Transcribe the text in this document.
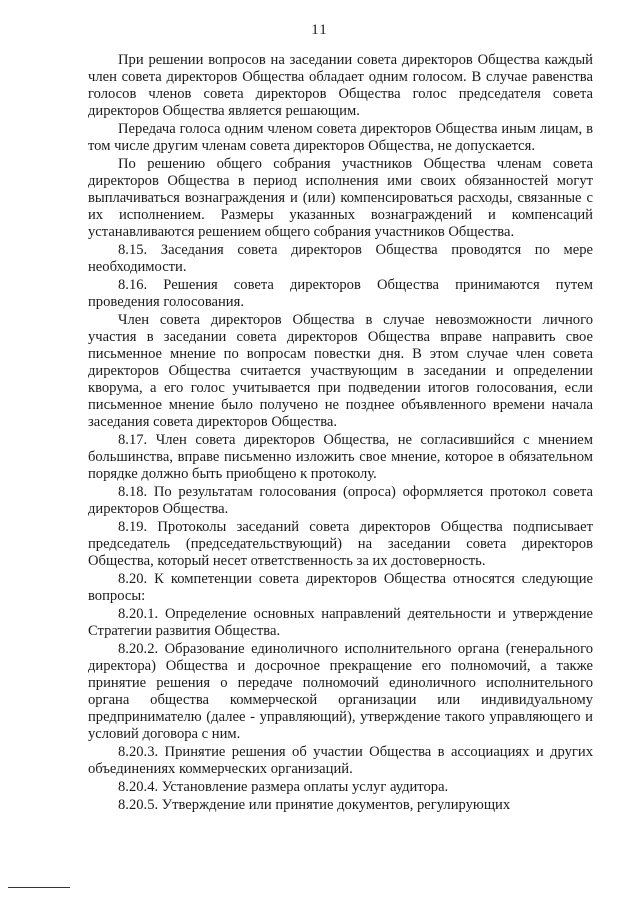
11

При решении вопросов на заседании совета директоров Общества каждый член совета директоров Общества обладает одним голосом. В случае равенства голосов членов совета директоров Общества голос председателя совета директоров Общества является решающим.

Передача голоса одним членом совета директоров Общества иным лицам, в том числе другим членам совета директоров Общества, не допускается.

По решению общего собрания участников Общества членам совета директоров Общества в период исполнения ими своих обязанностей могут выплачиваться вознаграждения и (или) компенсироваться расходы, связанные с их исполнением. Размеры указанных вознаграждений и компенсаций устанавливаются решением общего собрания участников Общества.

8.15. Заседания совета директоров Общества проводятся по мере необходимости.

8.16. Решения совета директоров Общества принимаются путем проведения голосования.

Член совета директоров Общества в случае невозможности личного участия в заседании совета директоров Общества вправе направить свое письменное мнение по вопросам повестки дня. В этом случае член совета директоров Общества считается участвующим в заседании и определении кворума, а его голос учитывается при подведении итогов голосования, если письменное мнение было получено не позднее объявленного времени начала заседания совета директоров Общества.

8.17. Член совета директоров Общества, не согласившийся с мнением большинства, вправе письменно изложить свое мнение, которое в обязательном порядке должно быть приобщено к протоколу.

8.18. По результатам голосования (опроса) оформляется протокол совета директоров Общества.

8.19. Протоколы заседаний совета директоров Общества подписывает председатель (председательствующий) на заседании совета директоров Общества, который несет ответственность за их достоверность.

8.20. К компетенции совета директоров Общества относятся следующие вопросы:

8.20.1. Определение основных направлений деятельности и утверждение Стратегии развития Общества.

8.20.2. Образование единоличного исполнительного органа (генерального директора) Общества и досрочное прекращение его полномочий, а также принятие решения о передаче полномочий единоличного исполнительного органа общества коммерческой организации или индивидуальному предпринимателю (далее - управляющий), утверждение такого управляющего и условий договора с ним.

8.20.3. Принятие решения об участии Общества в ассоциациях и других объединениях коммерческих организаций.

8.20.4. Установление размера оплаты услуг аудитора.

8.20.5. Утверждение или принятие документов, регулирующих
